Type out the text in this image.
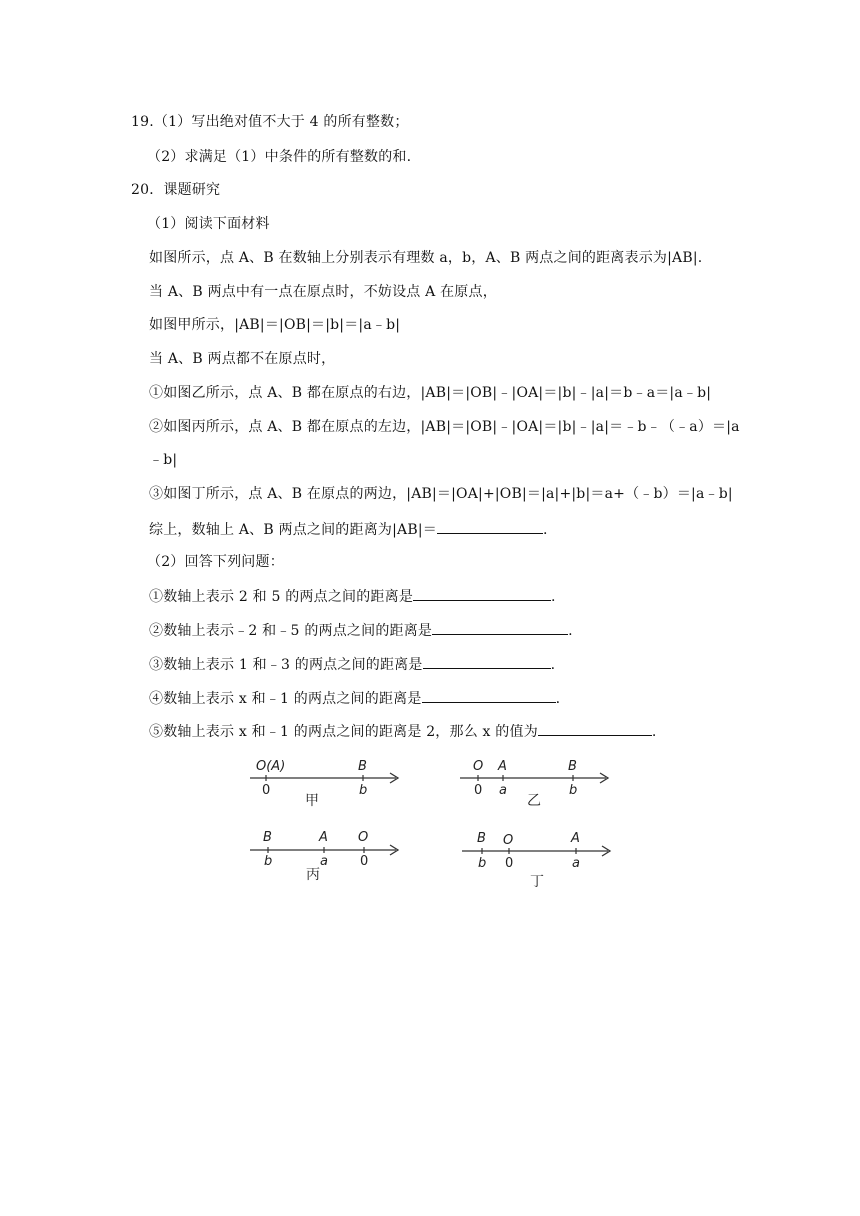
19.（1）写出绝对值不大于 4 的所有整数；
（2）求满足（1）中条件的所有整数的和.
20．课题研究
（1）阅读下面材料
如图所示，点 A、B 在数轴上分别表示有理数 a，b，A、B 两点之间的距离表示为|AB|.
当 A、B 两点中有一点在原点时，不妨设点 A 在原点，
如图甲所示，|AB|＝|OB|＝|b|＝|a﹣b|
当 A、B 两点都不在原点时，
①如图乙所示，点 A、B 都在原点的右边，|AB|＝|OB|﹣|OA|＝|b|﹣|a|＝b﹣a＝|a﹣b|
②如图丙所示，点 A、B 都在原点的左边，|AB|＝|OB|﹣|OA|＝|b|﹣|a|＝﹣b﹣（﹣a）＝|a
﹣b|
③如图丁所示，点 A、B 在原点的两边，|AB|＝|OA|+|OB|＝|a|+|b|＝a+（﹣b）＝|a﹣b|
综上，数轴上 A、B 两点之间的距离为|AB|＝	.
（2）回答下列问题：
①数轴上表示 2 和 5 的两点之间的距离是	.
②数轴上表示﹣2 和﹣5 的两点之间的距离是	.
③数轴上表示 1 和﹣3 的两点之间的距离是	.
④数轴上表示 x 和﹣1 的两点之间的距离是	.
⑤数轴上表示 x 和﹣1 的两点之间的距离是 2，那么 x 的值为	.
O(A)	B
0	b
甲
O A	B
0 a	b
乙
B	A O
b	a 0
丙
B O	A
b 0	a
丁
